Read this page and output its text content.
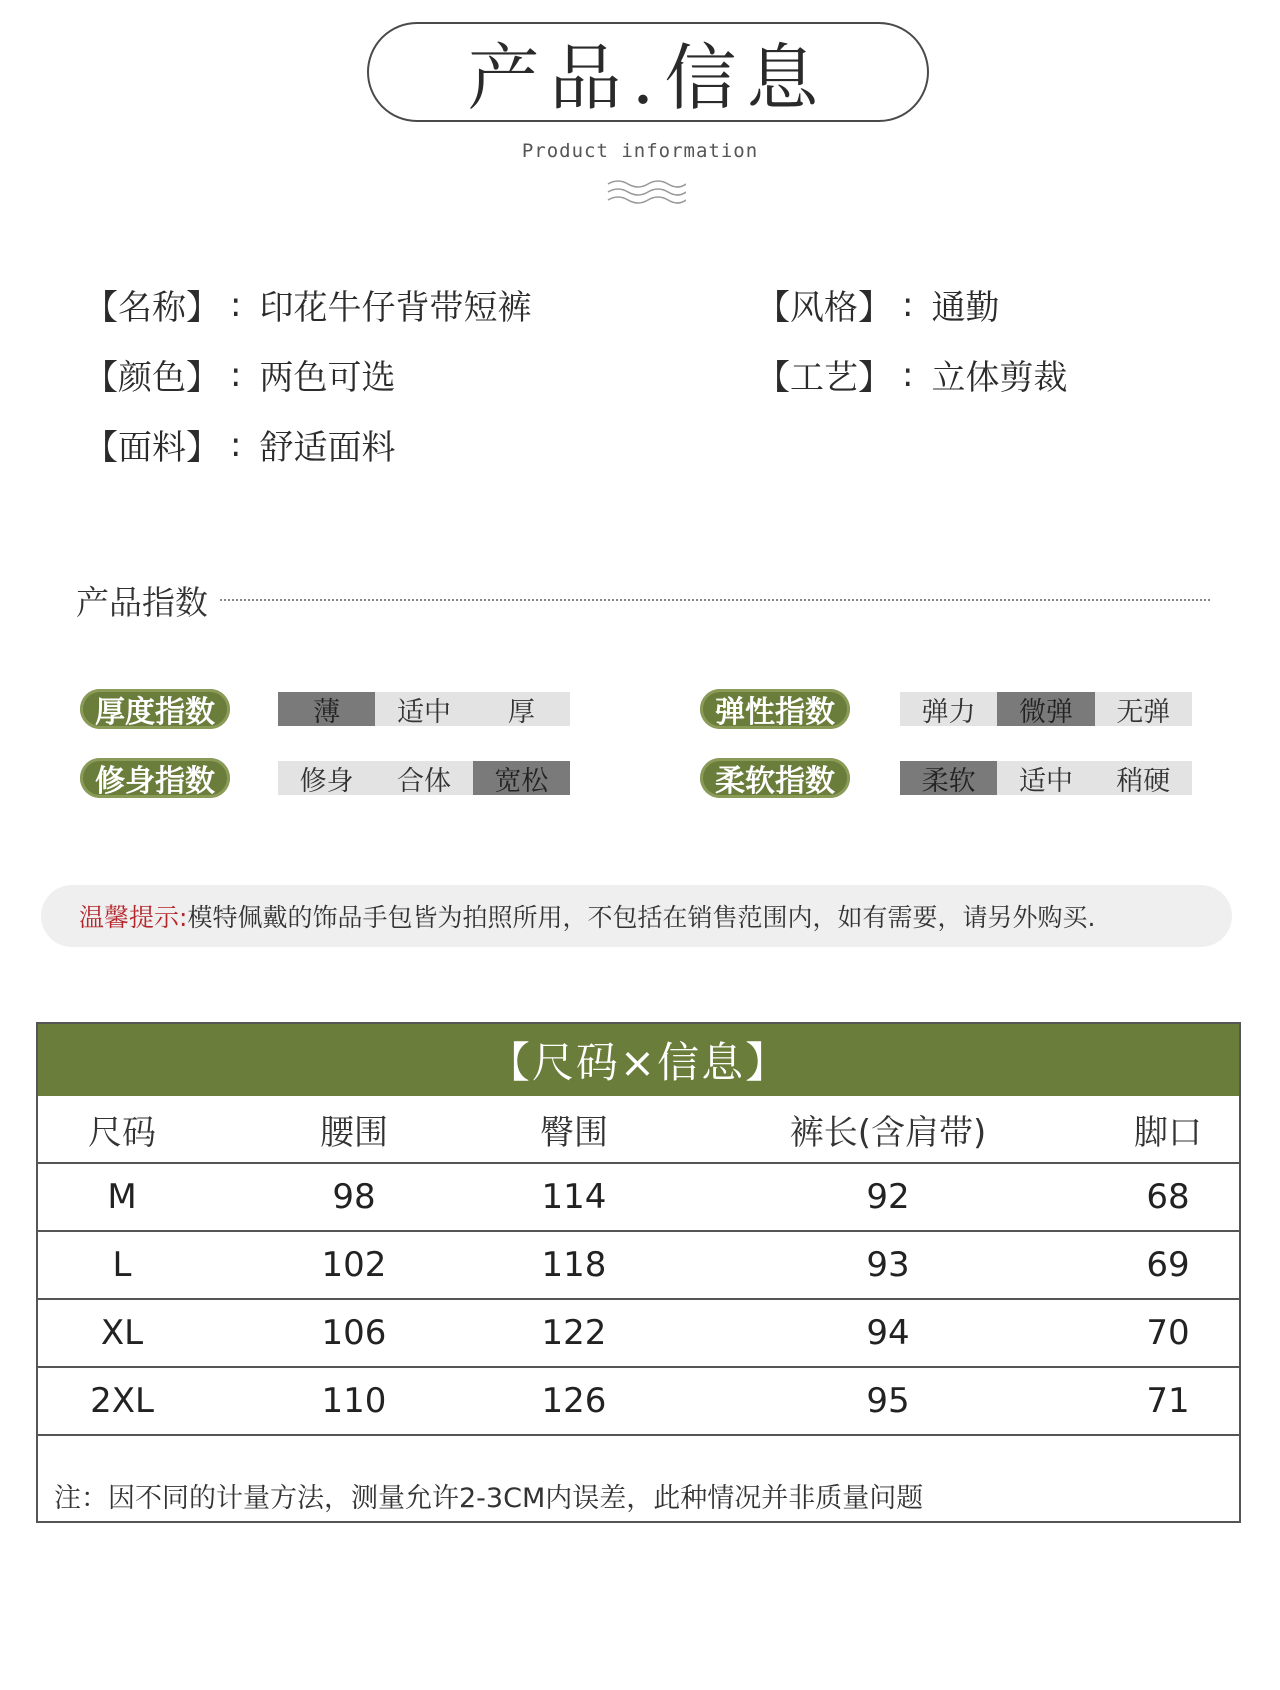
产品.信息
Product information
【名称】 : 印花牛仔背带短裤	【风格】 : 通勤
【颜色】 : 两色可选	【工艺】 : 立体剪裁
【面料】 : 舒适面料
产品指数
厚度指数	薄	适中	厚	弹性指数	弹力	微弹	无弹
修身指数	修身	合体	宽松	柔软指数	柔软	适中	稍硬
温馨提示: 模特佩戴的饰品手包皆为拍照所用，不包括在销售范围内，如有需要，请另外购买.
【尺码×信息】
尺码	腰围	臀围	裤长(含肩带)	脚口
M	98	114	92	68
L	102	118	93	69
XL	106	122	94	70
2XL	110	126	95	71
注：因不同的计量方法，测量允许2-3CM内误差，此种情况并非质量问题
